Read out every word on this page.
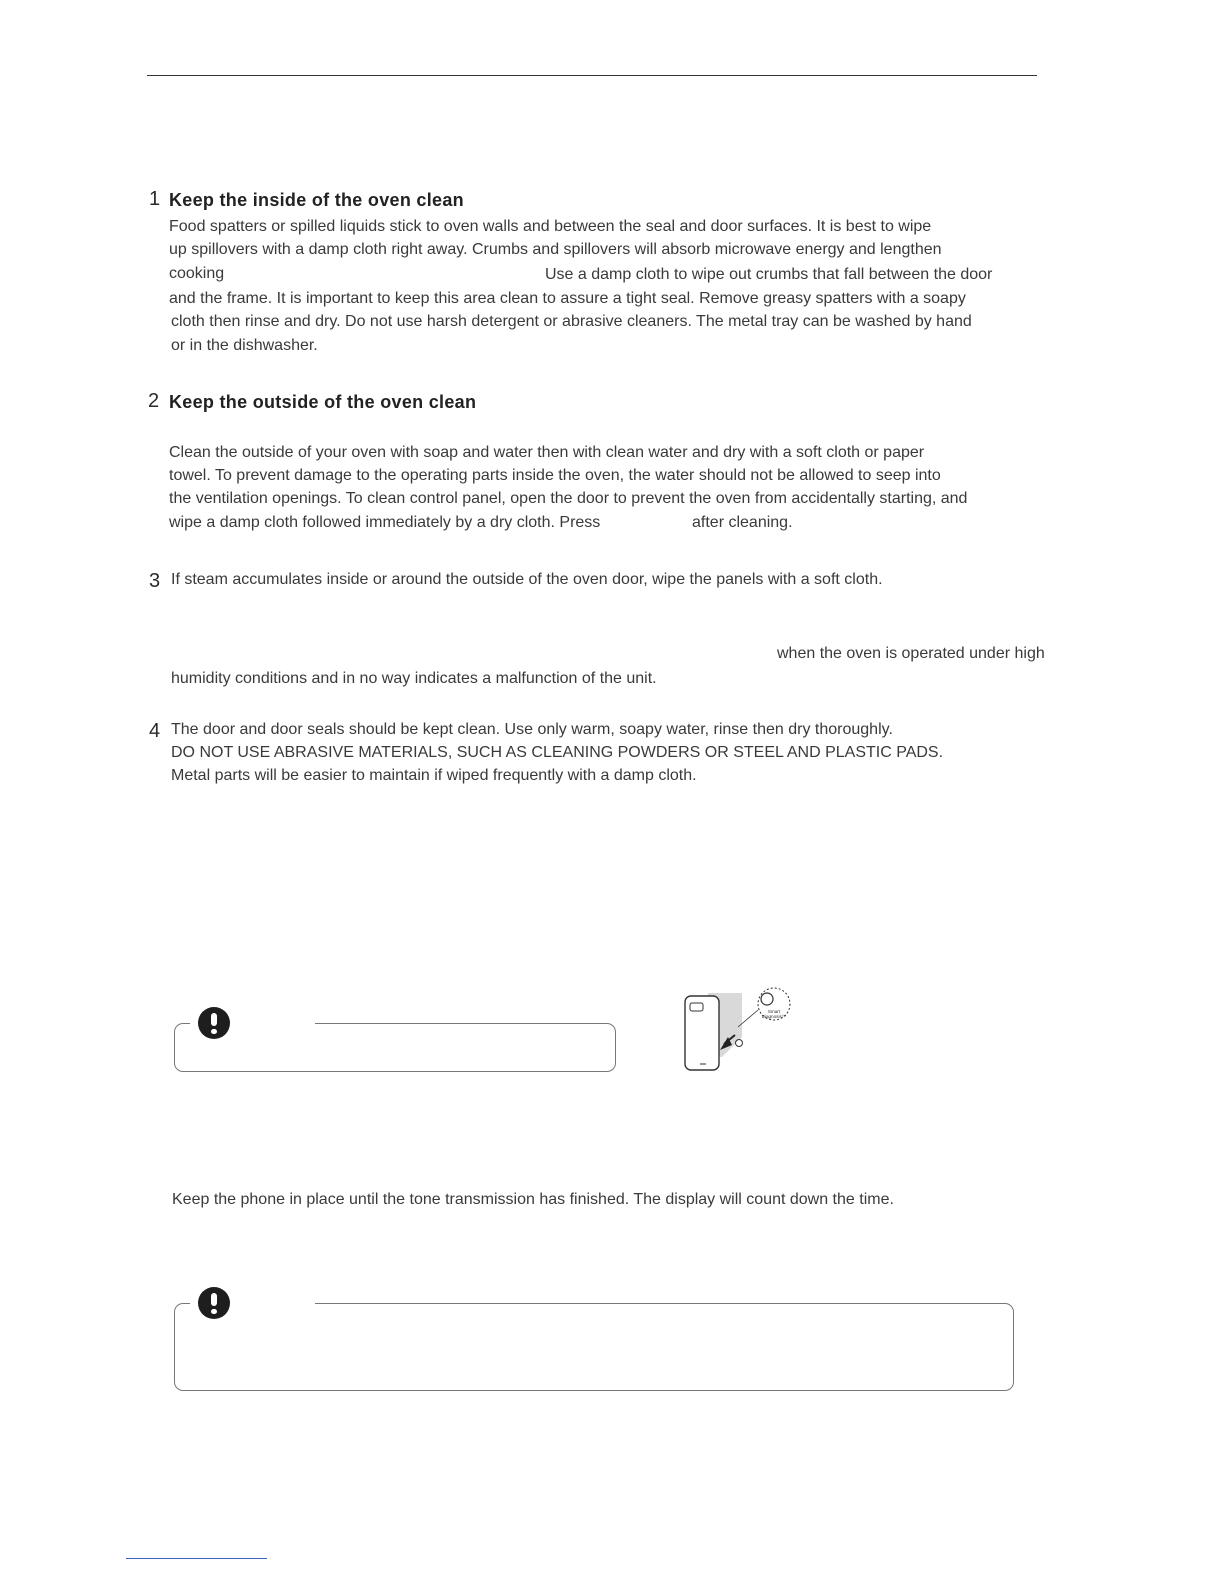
1 Keep the inside of the oven clean
Food spatters or spilled liquids stick to oven walls and between the seal and door surfaces. It is best to wipe
up spillovers with a damp cloth right away. Crumbs and spillovers will absorb microwave energy and lengthen
cooking	Use a damp cloth to wipe out crumbs that fall between the door
and the frame. It is important to keep this area clean to assure a tight seal. Remove greasy spatters with a soapy
cloth then rinse and dry. Do not use harsh detergent or abrasive cleaners. The metal tray can be washed by hand
or in the dishwasher.
2 Keep the outside of the oven clean
Clean the outside of your oven with soap and water then with clean water and dry with a soft cloth or paper
towel. To prevent damage to the operating parts inside the oven, the water should not be allowed to seep into
the ventilation openings. To clean control panel, open the door to prevent the oven from accidentally starting, and
wipe a damp cloth followed immediately by a dry cloth. Press	after cleaning.
3 If steam accumulates inside or around the outside of the oven door, wipe the panels with a soft cloth.
when the oven is operated under high
humidity conditions and in no way indicates a malfunction of the unit.
4 The door and door seals should be kept clean. Use only warm, soapy water, rinse then dry thoroughly.
DO NOT USE ABRASIVE MATERIALS, SUCH AS CLEANING POWDERS OR STEEL AND PLASTIC PADS.
Metal parts will be easier to maintain if wiped frequently with a damp cloth.
Smart
Diagnosis™
Keep the phone in place until the tone transmission has finished. The display will count down the time.
